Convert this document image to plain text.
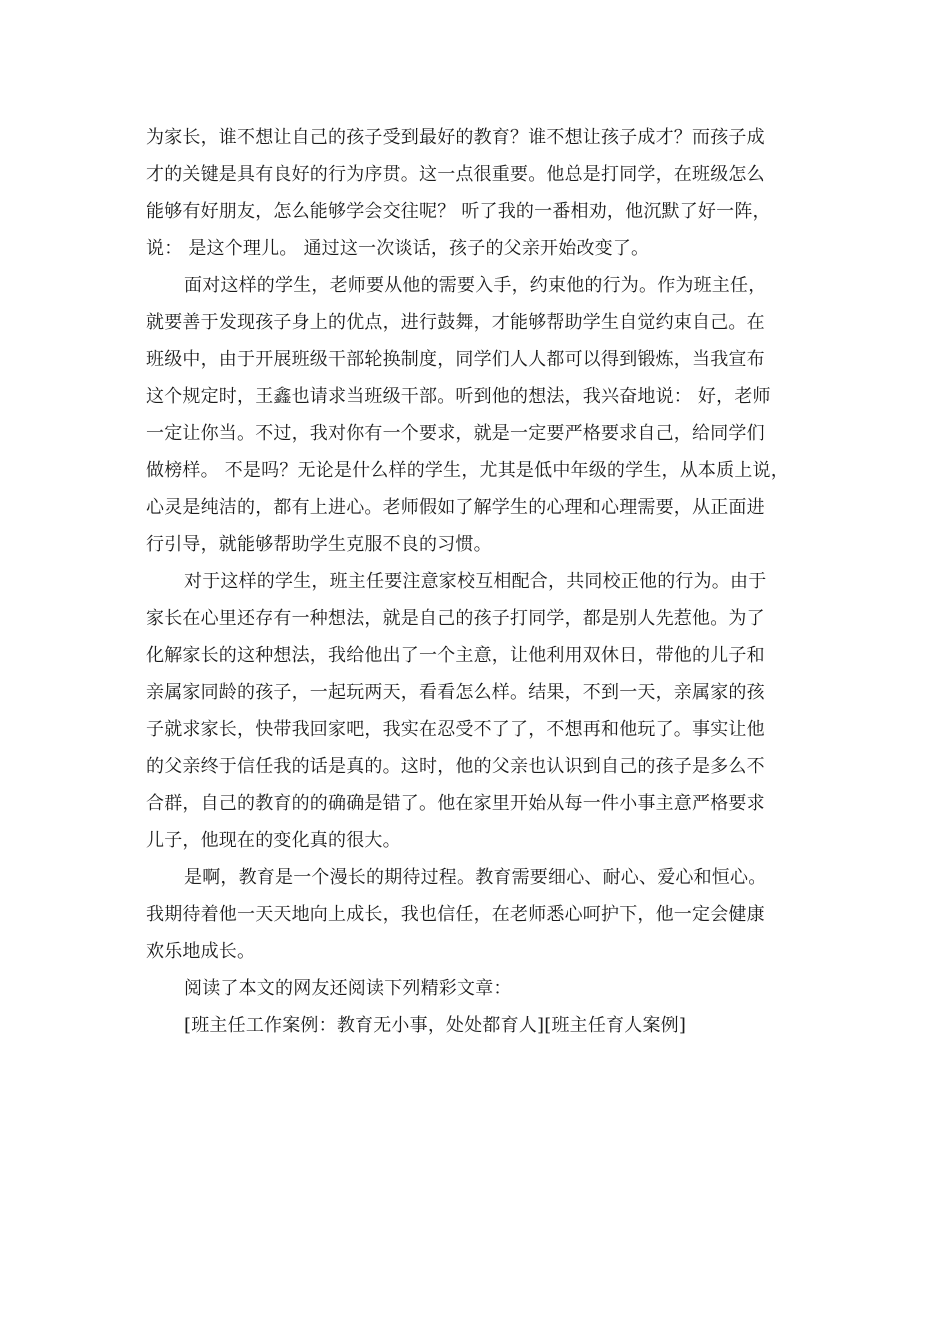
为家长，谁不想让自己的孩子受到最好的教育？谁不想让孩子成才？而孩子成
才的关键是具有良好的行为序贯。这一点很重要。他总是打同学，在班级怎么
能够有好朋友，怎么能够学会交往呢？ 听了我的一番相劝，他沉默了好一阵，
说： 是这个理儿。 通过这一次谈话，孩子的父亲开始改变了。
面对这样的学生，老师要从他的需要入手，约束他的行为。作为班主任，
就要善于发现孩子身上的优点，进行鼓舞，才能够帮助学生自觉约束自己。在
班级中，由于开展班级干部轮换制度，同学们人人都可以得到锻炼，当我宣布
这个规定时，王鑫也请求当班级干部。听到他的想法，我兴奋地说： 好，老师
一定让你当。不过，我对你有一个要求，就是一定要严格要求自己，给同学们
做榜样。 不是吗？无论是什么样的学生，尤其是低中年级的学生，从本质上说，
心灵是纯洁的，都有上进心。老师假如了解学生的心理和心理需要，从正面进
行引导，就能够帮助学生克服不良的习惯。
对于这样的学生，班主任要注意家校互相配合，共同校正他的行为。由于
家长在心里还存有一种想法，就是自己的孩子打同学，都是别人先惹他。为了
化解家长的这种想法，我给他出了一个主意，让他利用双休日，带他的儿子和
亲属家同龄的孩子，一起玩两天，看看怎么样。结果，不到一天，亲属家的孩
子就求家长，快带我回家吧，我实在忍受不了了，不想再和他玩了。事实让他
的父亲终于信任我的话是真的。这时，他的父亲也认识到自己的孩子是多么不
合群，自己的教育的的确确是错了。他在家里开始从每一件小事主意严格要求
儿子，他现在的变化真的很大。
是啊，教育是一个漫长的期待过程。教育需要细心、耐心、爱心和恒心。
我期待着他一天天地向上成长，我也信任，在老师悉心呵护下，他一定会健康
欢乐地成长。
阅读了本文的网友还阅读下列精彩文章：
[班主任工作案例：教育无小事，处处都育人][班主任育人案例]
